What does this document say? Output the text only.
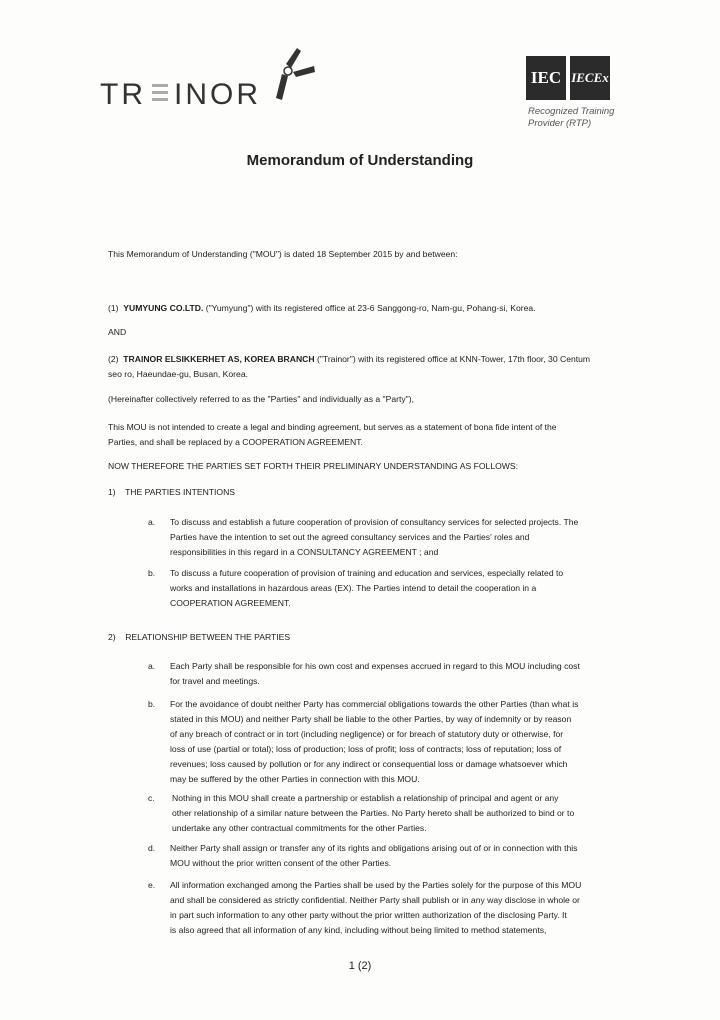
TR INOR
IEC IECEx
Recognized Training
Provider (RTP)
Memorandum of Understanding
This Memorandum of Understanding ("MOU") is dated 18 September 2015 by and between:
(1) YUMYUNG CO.LTD. ("Yumyung") with its registered office at 23-6 Sanggong-ro, Nam-gu, Pohang-si, Korea.
AND
(2) TRAINOR ELSIKKERHET AS, KOREA BRANCH ("Trainor") with its registered office at KNN-Tower, 17th floor, 30 Centum
seo ro, Haeundae-gu, Busan, Korea.
(Hereinafter collectively referred to as the "Parties" and individually as a "Party"),
This MOU is not intended to create a legal and binding agreement, but serves as a statement of bona fide intent of the
Parties, and shall be replaced by a COOPERATION AGREEMENT.
NOW THEREFORE THE PARTIES SET FORTH THEIR PRELIMINARY UNDERSTANDING AS FOLLOWS:
1) THE PARTIES INTENTIONS
a. To discuss and establish a future cooperation of provision of consultancy services for selected projects. The
Parties have the intention to set out the agreed consultancy services and the Parties' roles and
responsibilities in this regard in a CONSULTANCY AGREEMENT ; and
b. To discuss a future cooperation of provision of training and education and services, especially related to
works and installations in hazardous areas (EX). The Parties intend to detail the cooperation in a
COOPERATION AGREEMENT.
2) RELATIONSHIP BETWEEN THE PARTIES
a. Each Party shall be responsible for his own cost and expenses accrued in regard to this MOU including cost
for travel and meetings.
b. For the avoidance of doubt neither Party has commercial obligations towards the other Parties (than what is
stated in this MOU) and neither Party shall be liable to the other Parties, by way of indemnity or by reason
of any breach of contract or in tort (including negligence) or for breach of statutory duty or otherwise, for
loss of use (partial or total); loss of production; loss of profit; loss of contracts; loss of reputation; loss of
revenues; loss caused by pollution or for any indirect or consequential loss or damage whatsoever which
may be suffered by the other Parties in connection with this MOU.
c. Nothing in this MOU shall create a partnership or establish a relationship of principal and agent or any
other relationship of a similar nature between the Parties. No Party hereto shall be authorized to bind or to
undertake any other contractual commitments for the other Parties.
d. Neither Party shall assign or transfer any of its rights and obligations arising out of or in connection with this
MOU without the prior written consent of the other Parties.
e. All information exchanged among the Parties shall be used by the Parties solely for the purpose of this MOU
and shall be considered as strictly confidential. Neither Party shall publish or in any way disclose in whole or
in part such information to any other party without the prior written authorization of the disclosing Party. It
is also agreed that all information of any kind, including without being limited to method statements,
1 (2)
